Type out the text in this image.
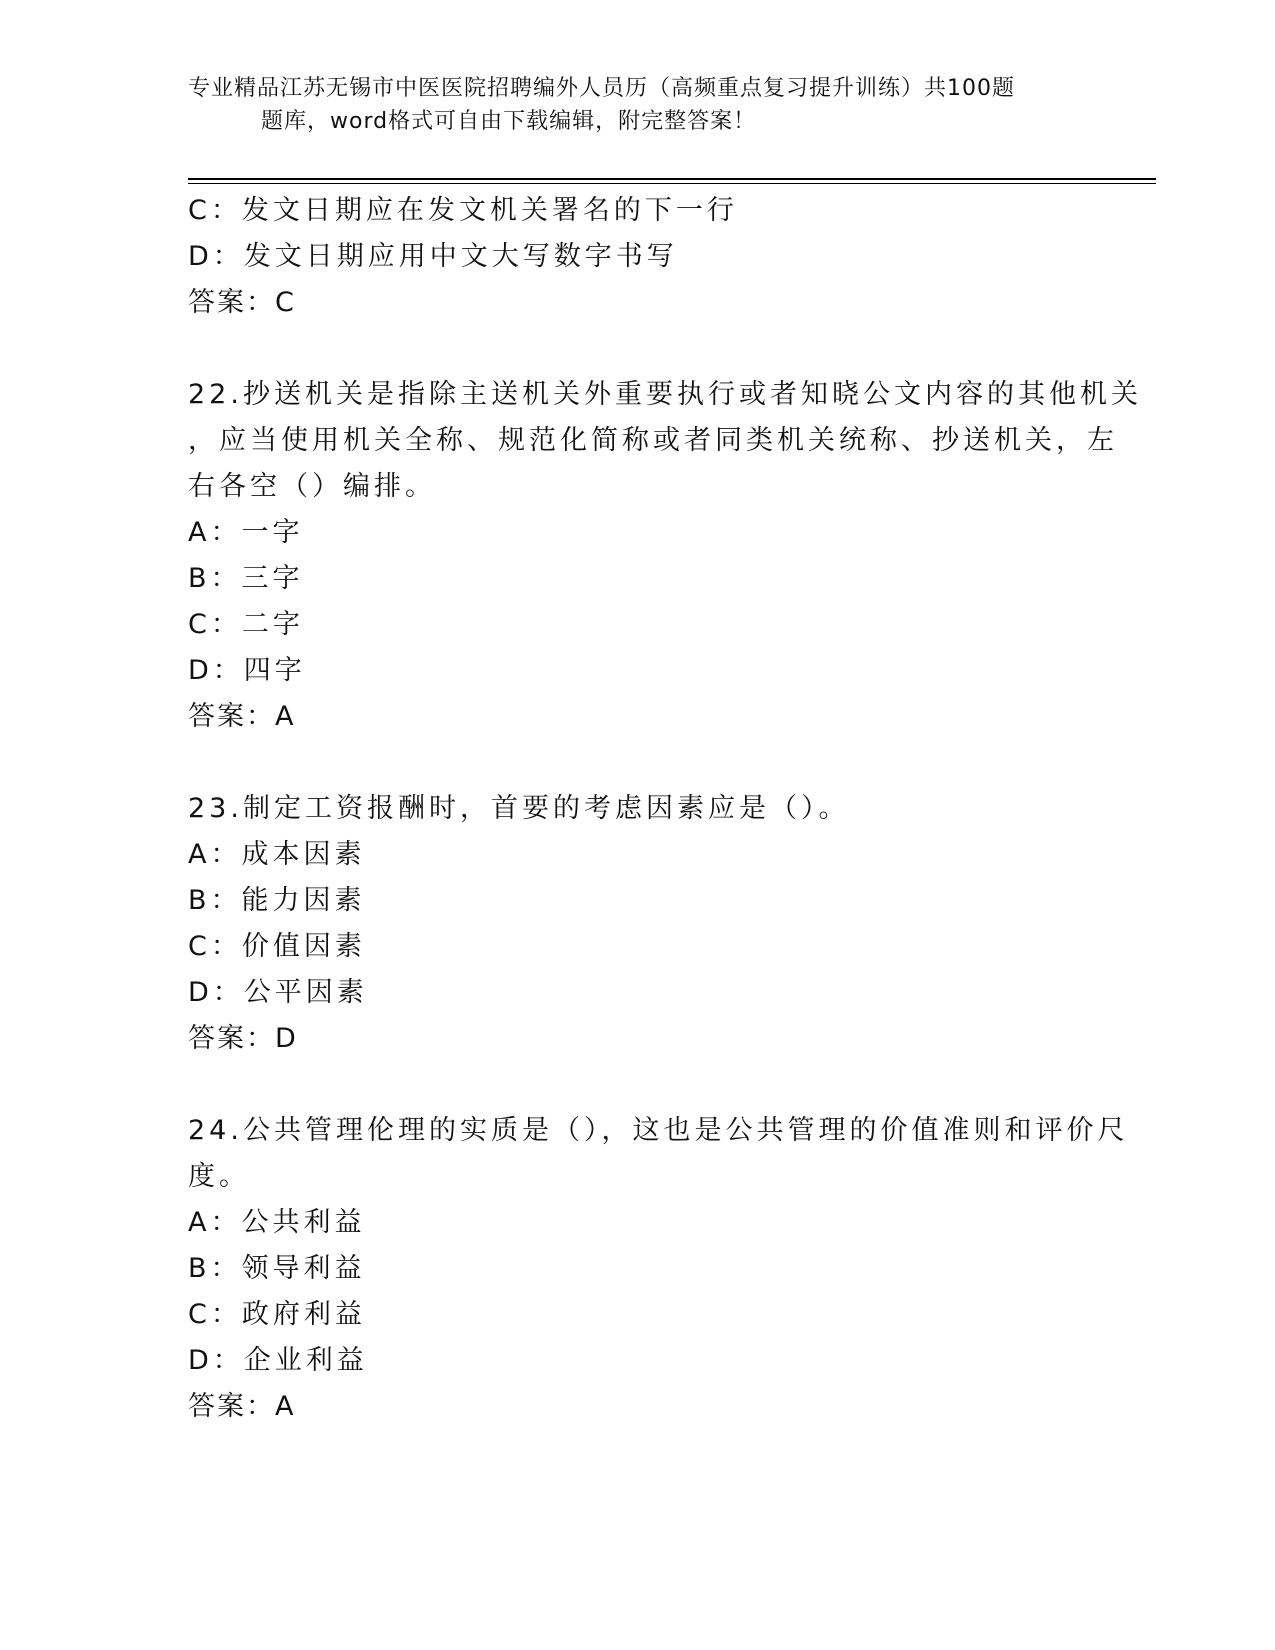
专业精品江苏无锡市中医医院招聘编外人员历（高频重点复习提升训练）共100题
题库，word格式可自由下载编辑，附完整答案！
C：发文日期应在发文机关署名的下一行
D：发文日期应用中文大写数字书写
答案：C
22.抄送机关是指除主送机关外重要执行或者知晓公文内容的其他机关
，应当使用机关全称、规范化简称或者同类机关统称、抄送机关，左
右各空（）编排。
A：一字
B：三字
C：二字
D：四字
答案：A
23.制定工资报酬时，首要的考虑因素应是（）。
A：成本因素
B：能力因素
C：价值因素
D：公平因素
答案：D
24.公共管理伦理的实质是（），这也是公共管理的价值准则和评价尺
度。
A：公共利益
B：领导利益
C：政府利益
D：企业利益
答案：A
